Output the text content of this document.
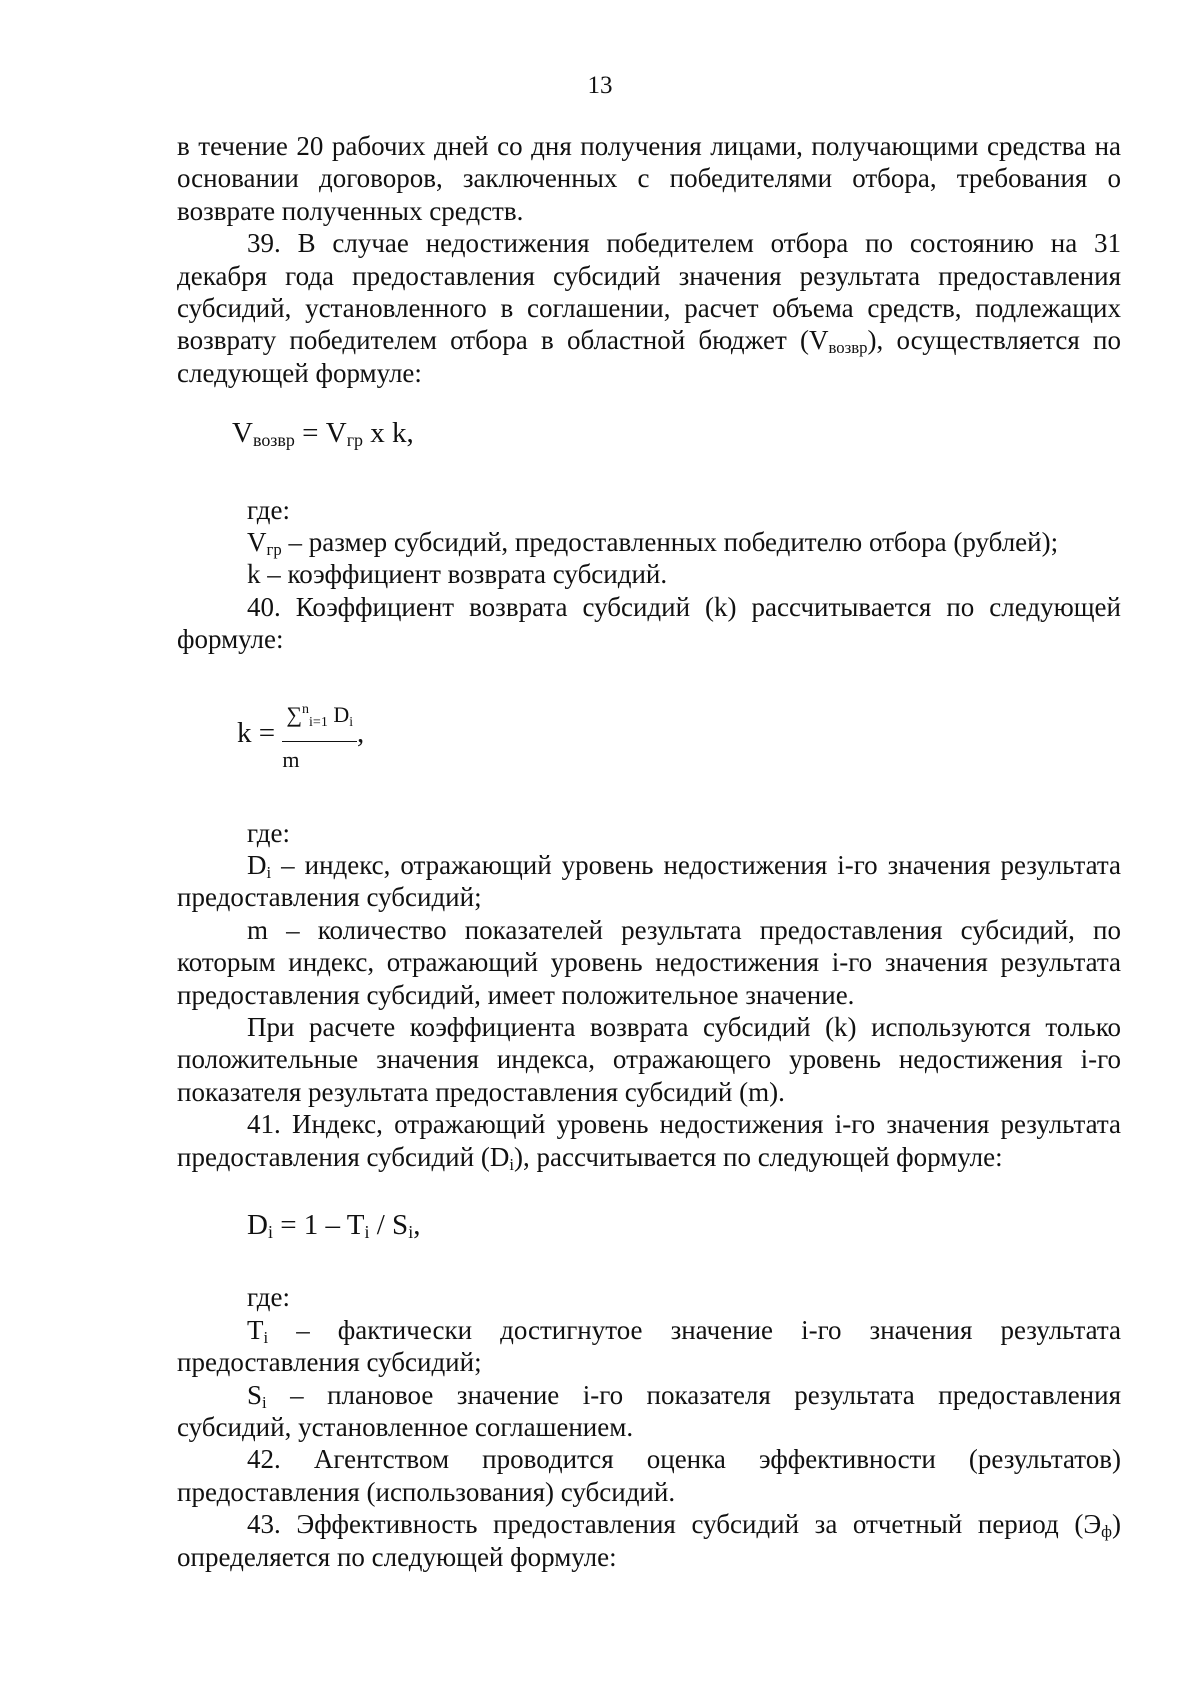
13

в течение 20 рабочих дней со дня получения лицами, получающими средства на основании договоров, заключенных с победителями отбора, требования о возврате полученных средств.

39. В случае недостижения победителем отбора по состоянию на 31 декабря года предоставления субсидий значения результата предоставления субсидий, установленного в соглашении, расчет объема средств, подлежащих возврату победителем отбора в областной бюджет $(V_{возвр})$, осуществляется по следующей формуле:

$V_{возвр} = V_{гр}$ х k,

где:

$V_{гр}$ – размер субсидий, предоставленных победителю отбора (рублей);

k – коэффициент возврата субсидий.

40. Коэффициент возврата субсидий (k) рассчитывается по следующей формуле:

$k = \frac{\sum^ni=1 D_i}{m}$ ,

где:

$D_i$ – индекс, отражающий уровень недостижения i-го значения результата предоставления субсидий;

m – количество показателей результата предоставления субсидий, по которым индекс, отражающий уровень недостижения i-го значения результата предоставления субсидий, имеет положительное значение.

При расчете коэффициента возврата субсидий (k) используются только положительные значения индекса, отражающего уровень недостижения i-го показателя результата предоставления субсидий (m).

41. Индекс, отражающий уровень недостижения i-го значения результата предоставления субсидий $(D_i)$, рассчитывается по следующей формуле:

$D_i = 1 - T_i / S_i$,

где:

$T_i$ – фактически достигнутое значение i-го значения результата предоставления субсидий;

$S_i$ – плановое значение i-го показателя результата предоставления субсидий, установленное соглашением.

42. Агентством проводится оценка эффективности (результатов) предоставления (использования) субсидий.

43. Эффективность предоставления субсидий за отчетный период $(Э_ф)$ определяется по следующей формуле:
